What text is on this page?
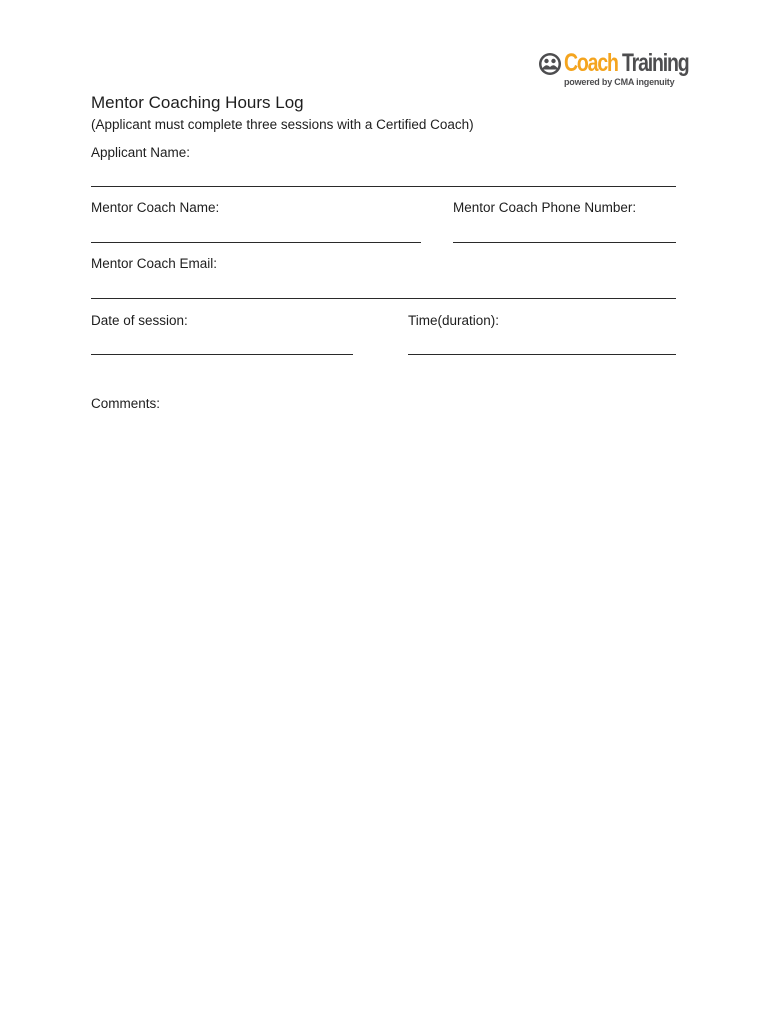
Coach Training
powered by CMA ingenuity
Mentor Coaching Hours Log
(Applicant must complete three sessions with a Certified Coach)
Applicant Name:
Mentor Coach Name:	Mentor Coach Phone Number:
Mentor Coach Email:
Date of session:	Time(duration):
Comments:
